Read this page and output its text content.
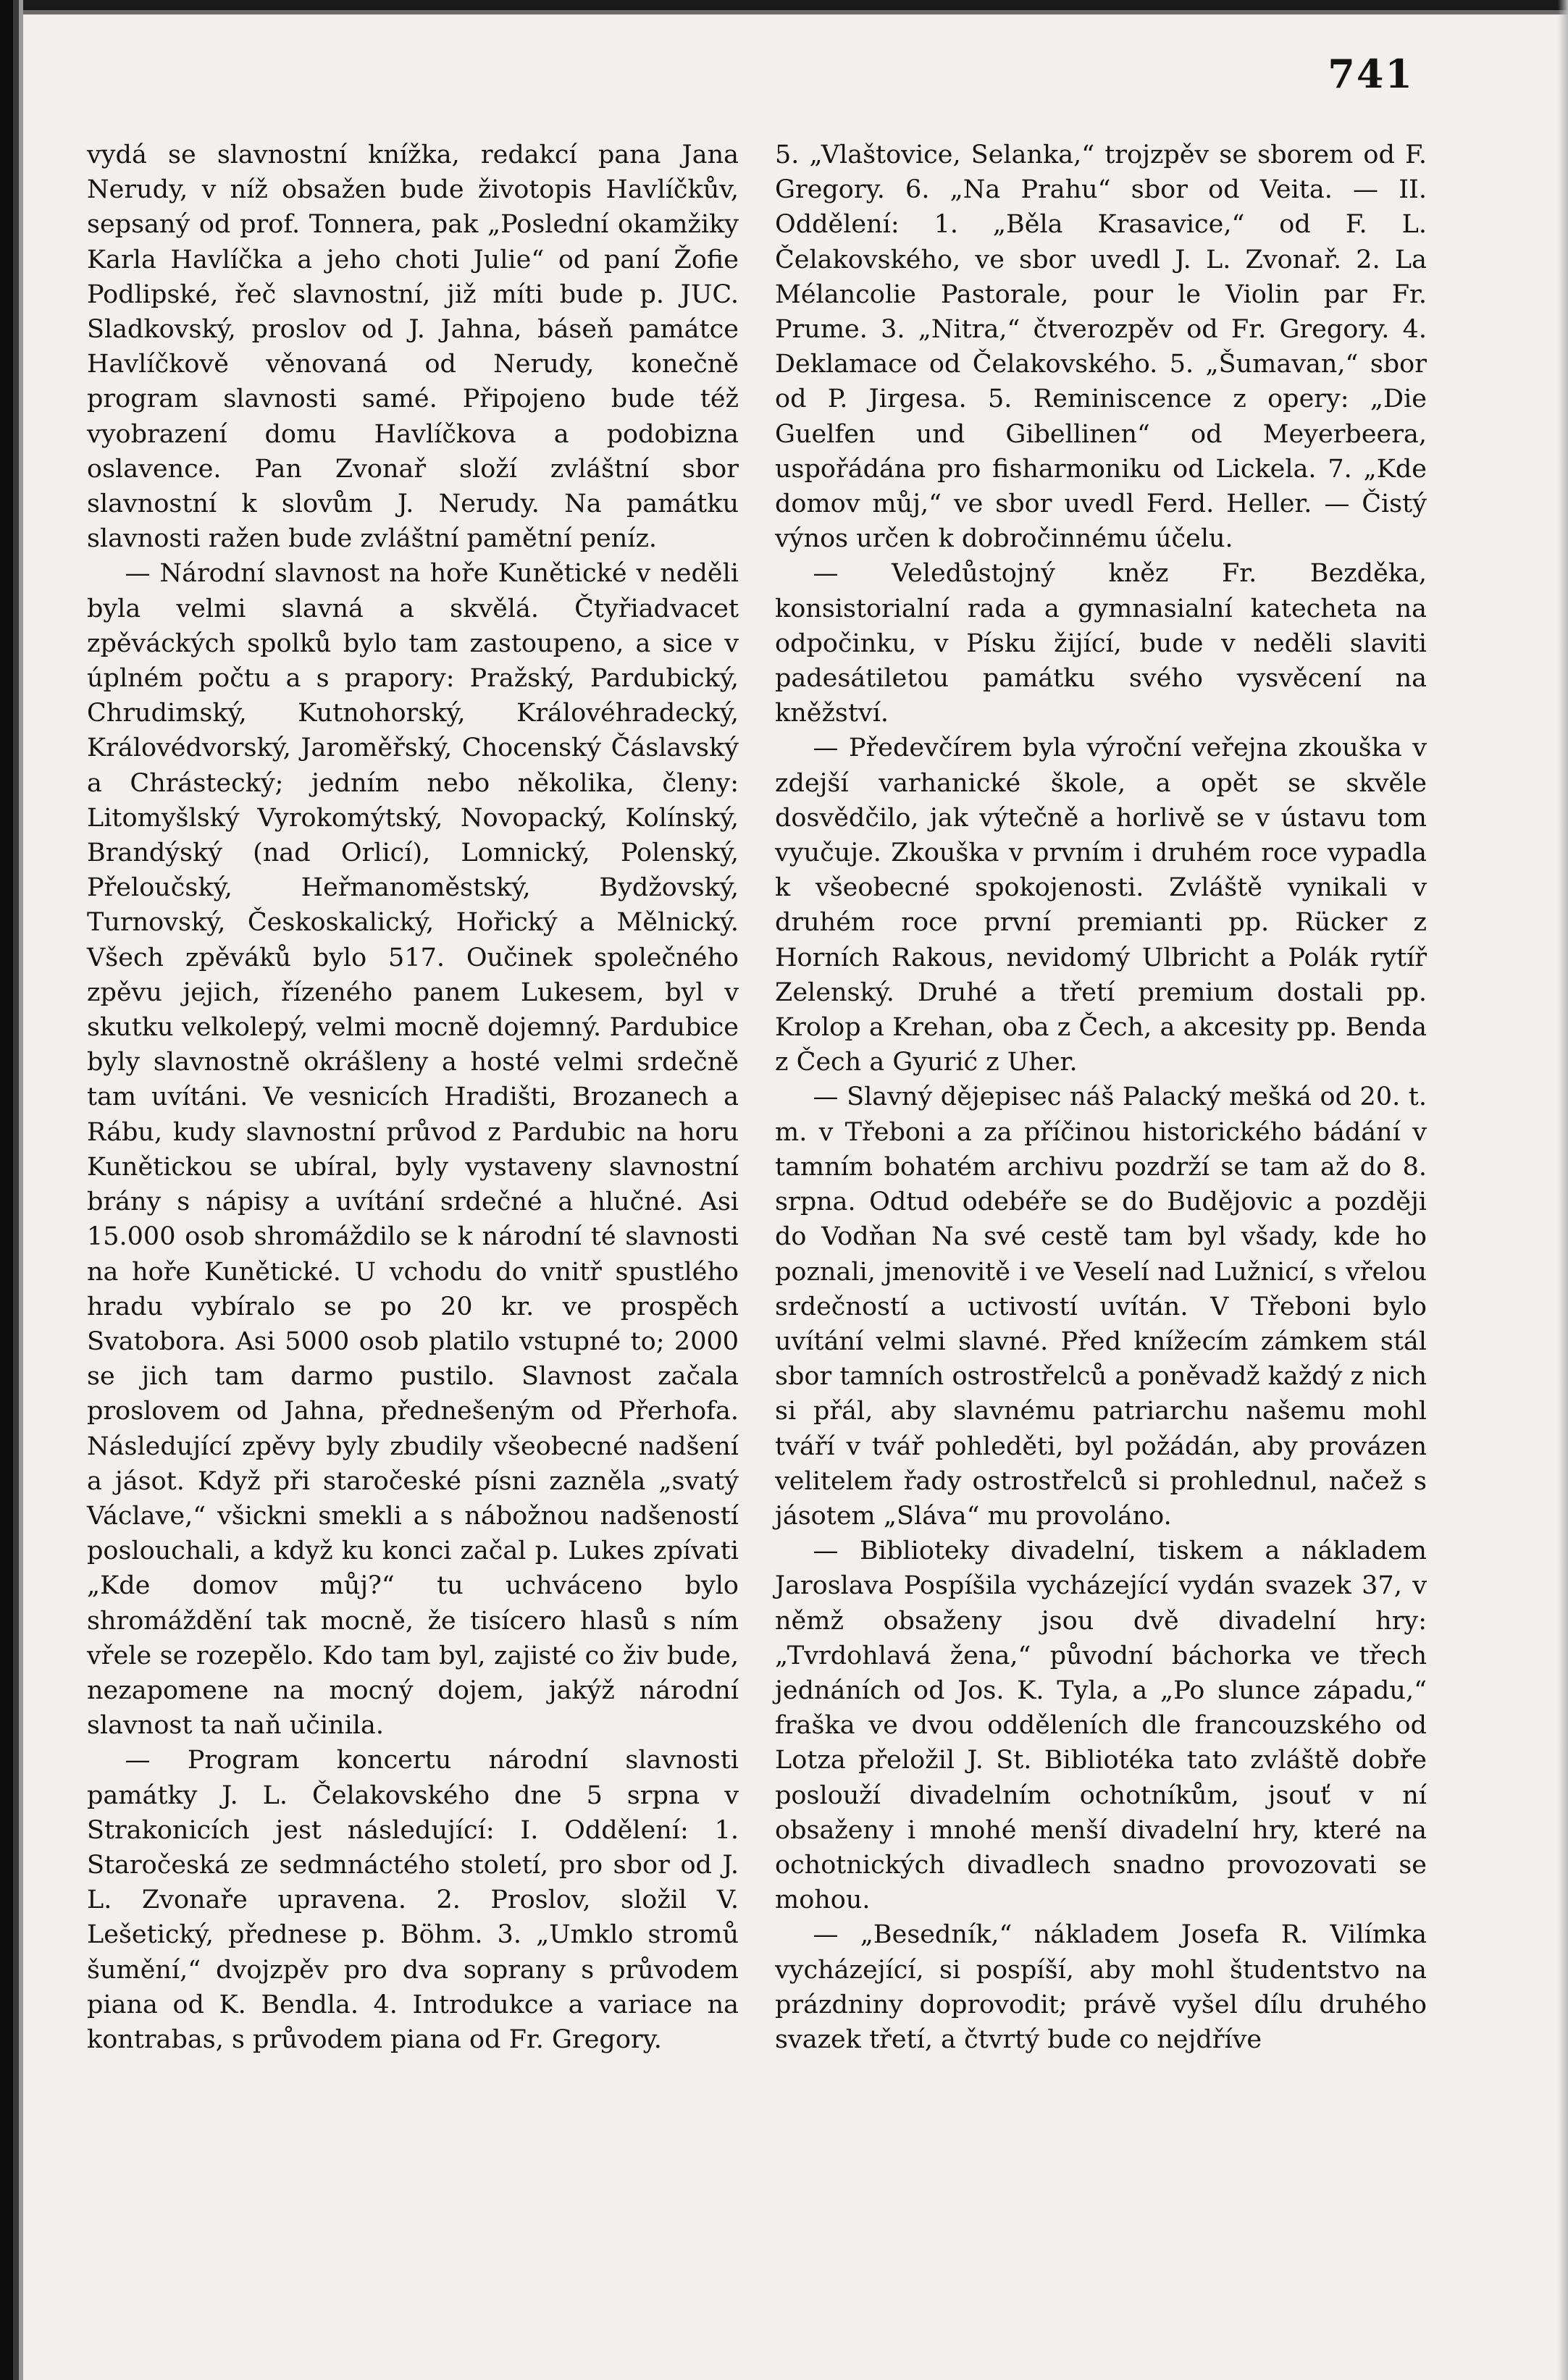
741

vydá se slavnostní knížka, redakcí pana Jana Nerudy, v níž obsažen bude životopis Havlíčkův, sepsaný od prof. Tonnera, pak „Poslední okamžiky Karla Havlíčka a jeho choti Julie“ od paní Žofie Podlipské, řeč slavnostní, již míti bude p. JUC. Sladkovský, proslov od J. Jahna, báseň památce Havlíčkově věnovaná od Nerudy, konečně program slavnosti samé. Připojeno bude též vyobrazení domu Havlíčkova a podobizna oslavence. Pan Zvonař složí zvláštní sbor slavnostní k slovům J. Nerudy. Na památku slavnosti ražen bude zvláštní pamětní peníz.

— Národní slavnost na hoře Kunětické v neděli byla velmi slavná a skvělá. Čtyřiadvacet zpěváckých spolků bylo tam zastoupeno, a sice v úplném počtu a s prapory: Pražský, Pardubický, Chrudimský, Kutnohorský, Královéhradecký, Královédvorský, Jaroměřský, Chocenský Čáslavský a Chrástecký; jedním nebo několika, členy: Litomyšlský Vyrokomýtský, Novopacký, Kolínský, Brandýský (nad Orlicí), Lomnický, Polenský, Přeloučský, Heřmanoměstský, Bydžovský, Turnovský, Českoskalický, Hořický a Mělnický. Všech zpěváků bylo 517. Oučinek společného zpěvu jejich, řízeného panem Lukesem, byl v skutku velkolepý, velmi mocně dojemný. Pardubice byly slavnostně okrášleny a hosté velmi srdečně tam uvítáni. Ve vesnicích Hradišti, Brozanech a Rábu, kudy slavnostní průvod z Pardubic na horu Kunětickou se ubíral, byly vystaveny slavnostní brány s nápisy a uvítání srdečné a hlučné. Asi 15.000 osob shromáždilo se k národní té slavnosti na hoře Kunětické. U vchodu do vnitř spustlého hradu vybíralo se po 20 kr. ve prospěch Svatobora. Asi 5000 osob platilo vstupné to; 2000 se jich tam darmo pustilo. Slavnost začala proslovem od Jahna, přednešeným od Přerhofa. Následující zpěvy byly zbudily všeobecné nadšení a jásot. Když při staročeské písni zazněla „svatý Václave,“ všickni smekli a s nábožnou nadšeností poslouchali, a když ku konci začal p. Lukes zpívati „Kde domov můj?“ tu uchváceno bylo shromáždění tak mocně, že tisícero hlasů s ním vřele se rozepělo. Kdo tam byl, zajisté co živ bude, nezapomene na mocný dojem, jakýž národní slavnost ta naň učinila.

— Program koncertu národní slavnosti památky J. L. Čelakovského dne 5 srpna v Strakonicích jest následující: I. Oddělení: 1. Staročeská ze sedmnáctého století, pro sbor od J. L. Zvonaře upravena. 2. Proslov, složil V. Lešetický, přednese p. Böhm. 3. „Umklo stromů šumění,“ dvojzpěv pro dva soprany s průvodem piana od K. Bendla. 4. Introdukce a variace na kontrabas, s průvodem piana od Fr. Gregory.

5. „Vlaštovice, Selanka,“ trojzpěv se sborem od F. Gregory. 6. „Na Prahu“ sbor od Veita. — II. Oddělení: 1. „Běla Krasavice,“ od F. L. Čelakovského, ve sbor uvedl J. L. Zvonař. 2. La Mélancolie Pastorale, pour le Violin par Fr. Prume. 3. „Nitra,“ čtverozpěv od Fr. Gregory. 4. Deklamace od Čelakovského. 5. „Šumavan,“ sbor od P. Jirgesa. 5. Reminiscence z opery: „Die Guelfen und Gibellinen“ od Meyerbeera, uspořádána pro fisharmoniku od Lickela. 7. „Kde domov můj,“ ve sbor uvedl Ferd. Heller. — Čistý výnos určen k dobročinnému účelu.

— Veledůstojný kněz Fr. Bezděka, konsistorialní rada a gymnasialní katecheta na odpočinku, v Písku žijící, bude v neděli slaviti padesátiletou památku svého vysvěcení na kněžství.

— Předevčírem byla výroční veřejna zkouška v zdejší varhanické škole, a opět se skvěle dosvědčilo, jak výtečně a horlivě se v ústavu tom vyučuje. Zkouška v prvním i druhém roce vypadla k všeobecné spokojenosti. Zvláště vynikali v druhém roce první premianti pp. Rücker z Horních Rakous, nevidomý Ulbricht a Polák rytíř Zelenský. Druhé a třetí premium dostali pp. Krolop a Krehan, oba z Čech, a akcesity pp. Benda z Čech a Gyurić z Uher.

— Slavný dějepisec náš Palacký mešká od 20. t. m. v Třeboni a za příčinou historického bádání v tamním bohatém archivu pozdrží se tam až do 8. srpna. Odtud odebéře se do Budějovic a později do Vodňan Na své cestě tam byl všady, kde ho poznali, jmenovitě i ve Veselí nad Lužnicí, s vřelou srdečností a uctivostí uvítán. V Třeboni bylo uvítání velmi slavné. Před knížecím zámkem stál sbor tamních ostrostřelců a poněvadž každý z nich si přál, aby slavnému patriarchu našemu mohl tváří v tvář pohleděti, byl požádán, aby provázen velitelem řady ostrostřelců si prohlednul, načež s jásotem „Sláva“ mu provoláno.

— Biblioteky divadelní, tiskem a nákladem Jaroslava Pospíšila vycházející vydán svazek 37, v němž obsaženy jsou dvě divadelní hry: „Tvrdohlavá žena,“ původní báchorka ve třech jednáních od Jos. K. Tyla, a „Po slunce západu,“ fraška ve dvou odděleních dle francouzského od Lotza přeložil J. St. Bibliotéka tato zvláště dobře poslouží divadelním ochotníkům, jsouť v ní obsaženy i mnohé menší divadelní hry, které na ochotnických divadlech snadno provozovati se mohou.

— „Besedník,“ nákladem Josefa R. Vilímka vycházející, si pospíší, aby mohl študentstvo na prázdniny doprovodit; právě vyšel dílu druhého svazek třetí, a čtvrtý bude co nejdříve
